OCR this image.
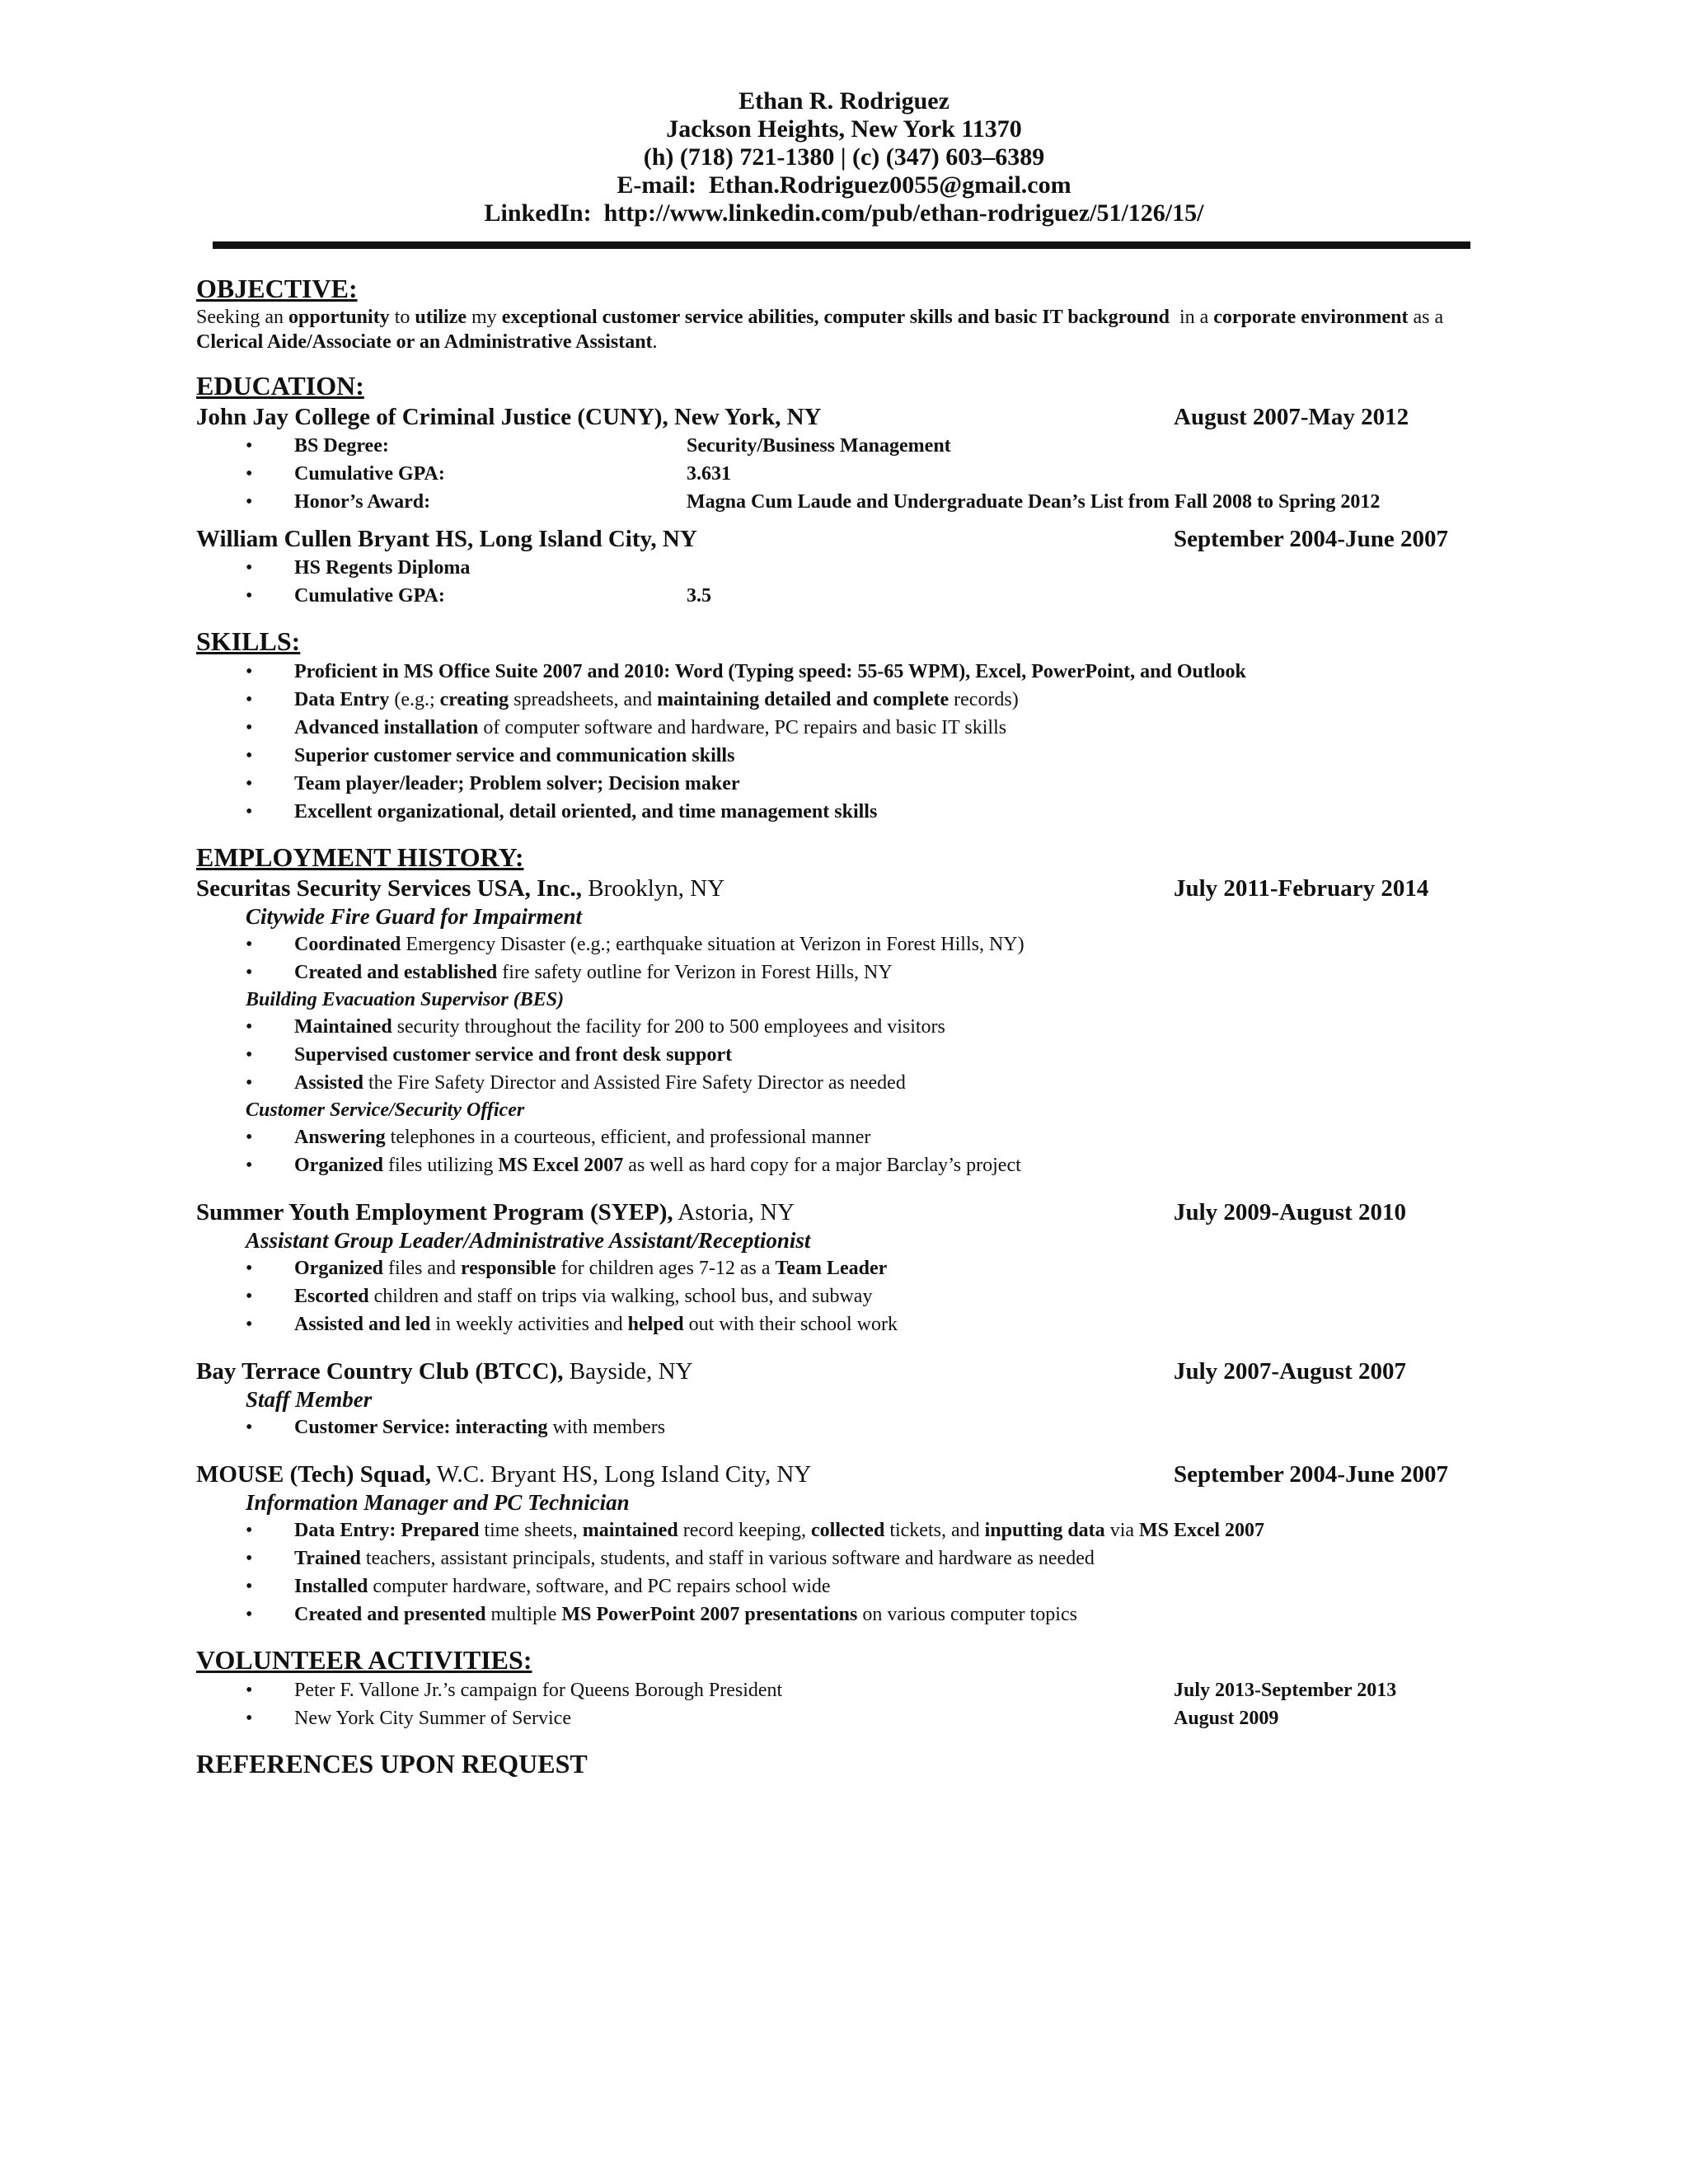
Ethan R. Rodriguez
Jackson Heights, New York 11370
(h) (718) 721-1380 | (c) (347) 603–6389
E-mail:  Ethan.Rodriguez0055@gmail.com
LinkedIn:  http://www.linkedin.com/pub/ethan-rodriguez/51/126/15/
OBJECTIVE:
Seeking an opportunity to utilize my exceptional customer service abilities, computer skills and basic IT background  in a corporate environment as a Clerical Aide/Associate or an Administrative Assistant.
EDUCATION:
John Jay College of Criminal Justice (CUNY), New York, NY	August 2007-May 2012
• BS Degree:	Security/Business Management
• Cumulative GPA:	3.631
• Honor’s Award:	Magna Cum Laude and Undergraduate Dean’s List from Fall 2008 to Spring 2012
William Cullen Bryant HS, Long Island City, NY	September 2004-June 2007
• HS Regents Diploma
• Cumulative GPA:	3.5
SKILLS:
• Proficient in MS Office Suite 2007 and 2010: Word (Typing speed: 55-65 WPM), Excel, PowerPoint, and Outlook
• Data Entry (e.g.; creating spreadsheets, and maintaining detailed and complete records)
• Advanced installation of computer software and hardware, PC repairs and basic IT skills
• Superior customer service and communication skills
• Team player/leader; Problem solver; Decision maker
• Excellent organizational, detail oriented, and time management skills
EMPLOYMENT HISTORY:
Securitas Security Services USA, Inc., Brooklyn, NY	July 2011-February 2014
Citywide Fire Guard for Impairment
• Coordinated Emergency Disaster (e.g.; earthquake situation at Verizon in Forest Hills, NY)
• Created and established fire safety outline for Verizon in Forest Hills, NY
Building Evacuation Supervisor (BES)
• Maintained security throughout the facility for 200 to 500 employees and visitors
• Supervised customer service and front desk support
• Assisted the Fire Safety Director and Assisted Fire Safety Director as needed
Customer Service/Security Officer
• Answering telephones in a courteous, efficient, and professional manner
• Organized files utilizing MS Excel 2007 as well as hard copy for a major Barclay’s project
Summer Youth Employment Program (SYEP), Astoria, NY	July 2009-August 2010
Assistant Group Leader/Administrative Assistant/Receptionist
• Organized files and responsible for children ages 7-12 as a Team Leader
• Escorted children and staff on trips via walking, school bus, and subway
• Assisted and led in weekly activities and helped out with their school work
Bay Terrace Country Club (BTCC), Bayside, NY	July 2007-August 2007
Staff Member
• Customer Service: interacting with members
MOUSE (Tech) Squad, W.C. Bryant HS, Long Island City, NY	September 2004-June 2007
Information Manager and PC Technician
• Data Entry: Prepared time sheets, maintained record keeping, collected tickets, and inputting data via MS Excel 2007
• Trained teachers, assistant principals, students, and staff in various software and hardware as needed
• Installed computer hardware, software, and PC repairs school wide
• Created and presented multiple MS PowerPoint 2007 presentations on various computer topics
VOLUNTEER ACTIVITIES:
• Peter F. Vallone Jr.’s campaign for Queens Borough President	July 2013-September 2013
• New York City Summer of Service	August 2009
REFERENCES UPON REQUEST
